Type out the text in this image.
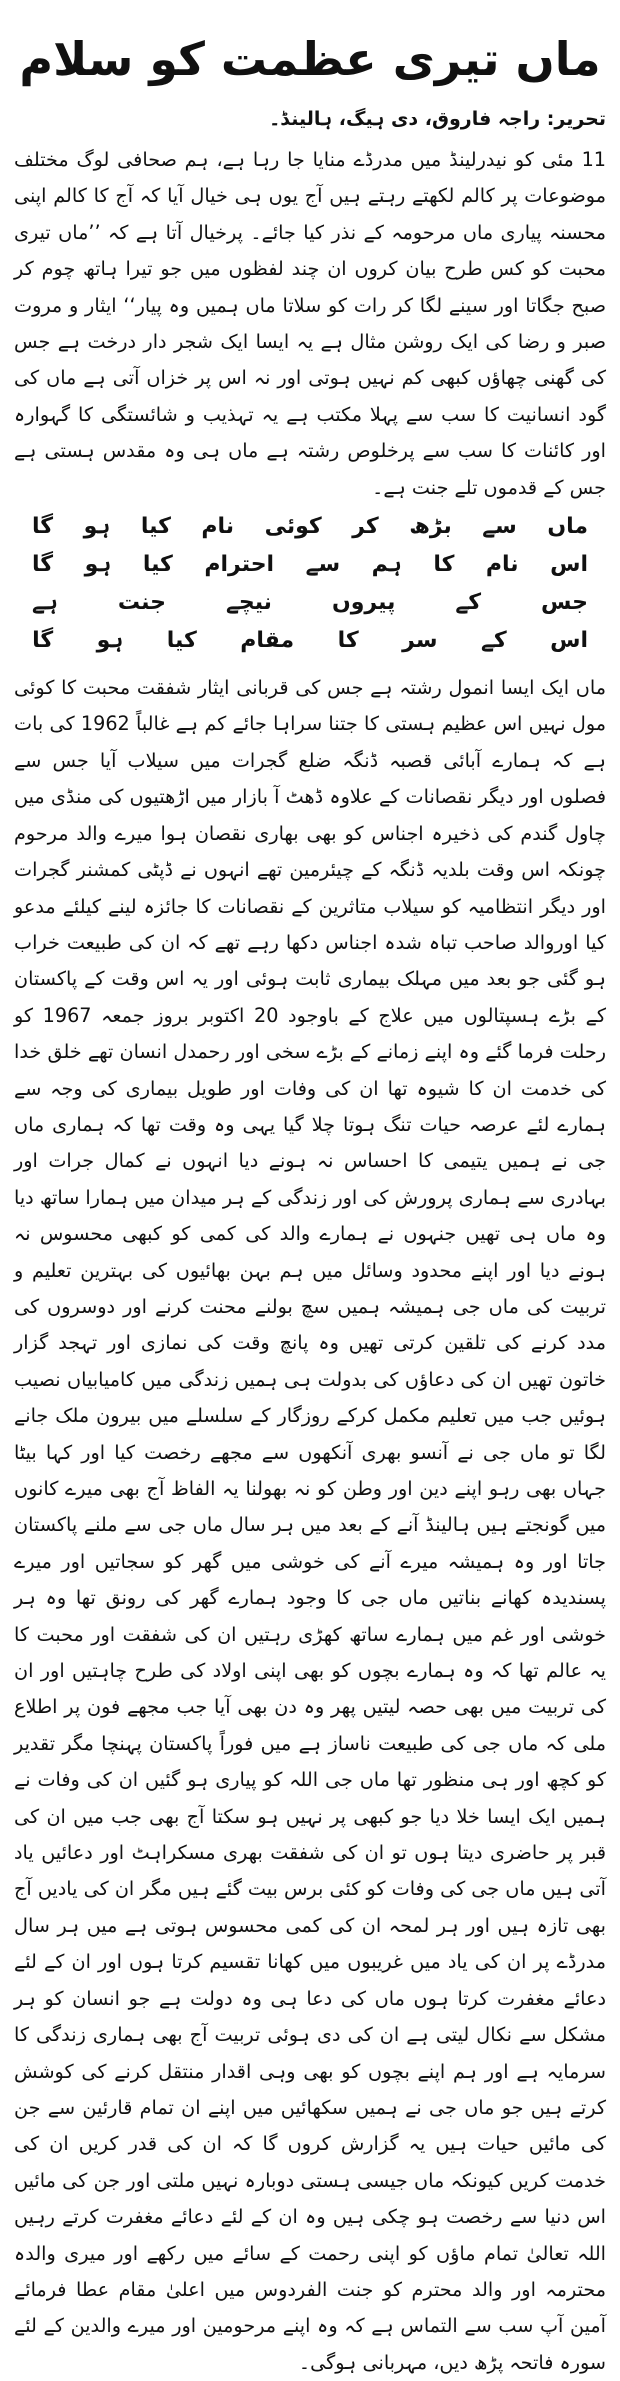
ماں تیری عظمت کو سلام
تحریر: راجہ فاروق، دی ہیگ، ہالینڈ۔

11 مئی کو نیدرلینڈ میں مدرڈے منایا جا رہا ہے، ہم صحافی لوگ مختلف موضوعات پر کالم لکھتے رہتے ہیں آج یوں ہی خیال آیا کہ آج کا کالم اپنی محسنہ پیاری ماں مرحومہ کے نذر کیا جائے۔ پرخیال آتا ہے کہ ’’ماں تیری محبت کو کس طرح بیان کروں ان چند لفظوں میں جو تیرا ہاتھ چوم کر صبح جگاتا اور سینے لگا کر رات کو سلاتا ماں ہمیں وہ پیار‘‘ ایثار و مروت صبر و رضا کی ایک روشن مثال ہے یہ ایسا ایک شجر دار درخت ہے جس کی گھنی چھاؤں کبھی کم نہیں ہوتی اور نہ اس پر خزاں آتی ہے ماں کی گود انسانیت کا سب سے پہلا مکتب ہے یہ تہذیب و شائستگی کا گہوارہ اور کائنات کا سب سے پرخلوص رشتہ ہے ماں ہی وہ مقدس ہستی ہے جس کے قدموں تلے جنت ہے۔

ماں
سے
بڑھ
کر
کوئی
نام
کیا
ہو
گا
اس
نام
کا
ہم
سے
احترام
کیا
ہو
گا
جس
کے
پیروں
نیچے
جنت
ہے
اس
کے
سر
کا
مقام
کیا
ہو
گا

ماں ایک ایسا انمول رشتہ ہے جس کی قربانی ایثار شفقت محبت کا کوئی مول نہیں اس عظیم ہستی کا جتنا سراہا جائے کم ہے غالباً 1962 کی بات ہے کہ ہمارے آبائی قصبہ ڈنگہ ضلع گجرات میں سیلاب آیا جس سے فصلوں اور دیگر نقصانات کے علاوہ ڈھٹ آ بازار میں اڑھتیوں کی منڈی میں چاول گندم کی ذخیرہ اجناس کو بھی بھاری نقصان ہوا میرے والد مرحوم چونکہ اس وقت بلدیہ ڈنگہ کے چیئرمین تھے انہوں نے ڈپٹی کمشنر گجرات اور دیگر انتظامیہ کو سیلاب متاثرین کے نقصانات کا جائزہ لینے کیلئے مدعو کیا اوروالد صاحب تباہ شدہ اجناس دکھا رہے تھے کہ ان کی طبیعت خراب ہو گئی جو بعد میں مہلک بیماری ثابت ہوئی اور یہ اس وقت کے پاکستان کے بڑے ہسپتالوں میں علاج کے باوجود 20 اکتوبر بروز جمعہ 1967 کو رحلت فرما گئے وہ اپنے زمانے کے بڑے سخی اور رحمدل انسان تھے خلق خدا کی خدمت ان کا شیوہ تھا ان کی وفات اور طویل بیماری کی وجہ سے ہمارے لئے عرصہ حیات تنگ ہوتا چلا گیا یہی وہ وقت تھا کہ ہماری ماں جی نے ہمیں یتیمی کا احساس نہ ہونے دیا انہوں نے کمال جرات اور بہادری سے ہماری پرورش کی اور زندگی کے ہر میدان میں ہمارا ساتھ دیا وہ ماں ہی تھیں جنہوں نے ہمارے والد کی کمی کو کبھی محسوس نہ ہونے دیا اور اپنے محدود وسائل میں ہم بہن بھائیوں کی بہترین تعلیم و تربیت کی ماں جی ہمیشہ ہمیں سچ بولنے محنت کرنے اور دوسروں کی مدد کرنے کی تلقین کرتی تھیں وہ پانچ وقت کی نمازی اور تہجد گزار خاتون تھیں ان کی دعاؤں کی بدولت ہی ہمیں زندگی میں کامیابیاں نصیب ہوئیں جب میں تعلیم مکمل کرکے روزگار کے سلسلے میں بیرون ملک جانے لگا تو ماں جی نے آنسو بھری آنکھوں سے مجھے رخصت کیا اور کہا بیٹا جہاں بھی رہو اپنے دین اور وطن کو نہ بھولنا یہ الفاظ آج بھی میرے کانوں میں گونجتے ہیں ہالینڈ آنے کے بعد میں ہر سال ماں جی سے ملنے پاکستان جاتا اور وہ ہمیشہ میرے آنے کی خوشی میں گھر کو سجاتیں اور میرے پسندیدہ کھانے بناتیں ماں جی کا وجود ہمارے گھر کی رونق تھا وہ ہر خوشی اور غم میں ہمارے ساتھ کھڑی رہتیں ان کی شفقت اور محبت کا یہ عالم تھا کہ وہ ہمارے بچوں کو بھی اپنی اولاد کی طرح چاہتیں اور ان کی تربیت میں بھی حصہ لیتیں پھر وہ دن بھی آیا جب مجھے فون پر اطلاع ملی کہ ماں جی کی طبیعت ناساز ہے میں فوراً پاکستان پہنچا مگر تقدیر کو کچھ اور ہی منظور تھا ماں جی اللہ کو پیاری ہو گئیں ان کی وفات نے ہمیں ایک ایسا خلا دیا جو کبھی پر نہیں ہو سکتا آج بھی جب میں ان کی قبر پر حاضری دیتا ہوں تو ان کی شفقت بھری مسکراہٹ اور دعائیں یاد آتی ہیں ماں جی کی وفات کو کئی برس بیت گئے ہیں مگر ان کی یادیں آج بھی تازہ ہیں اور ہر لمحہ ان کی کمی محسوس ہوتی ہے میں ہر سال مدرڈے پر ان کی یاد میں غریبوں میں کھانا تقسیم کرتا ہوں اور ان کے لئے دعائے مغفرت کرتا ہوں ماں کی دعا ہی وہ دولت ہے جو انسان کو ہر مشکل سے نکال لیتی ہے ان کی دی ہوئی تربیت آج بھی ہماری زندگی کا سرمایہ ہے اور ہم اپنے بچوں کو بھی وہی اقدار منتقل کرنے کی کوشش کرتے ہیں جو ماں جی نے ہمیں سکھائیں میں اپنے ان تمام قارئین سے جن کی مائیں حیات ہیں یہ گزارش کروں گا کہ ان کی قدر کریں ان کی خدمت کریں کیونکہ ماں جیسی ہستی دوبارہ نہیں ملتی اور جن کی مائیں اس دنیا سے رخصت ہو چکی ہیں وہ ان کے لئے دعائے مغفرت کرتے رہیں اللہ تعالیٰ تمام ماؤں کو اپنی رحمت کے سائے میں رکھے اور میری والدہ محترمہ اور والد محترم کو جنت الفردوس میں اعلیٰ مقام عطا فرمائے آمین آپ سب سے التماس ہے کہ وہ اپنے مرحومین اور میرے والدین کے لئے سورہ فاتحہ پڑھ دیں، مہربانی ہوگی۔
